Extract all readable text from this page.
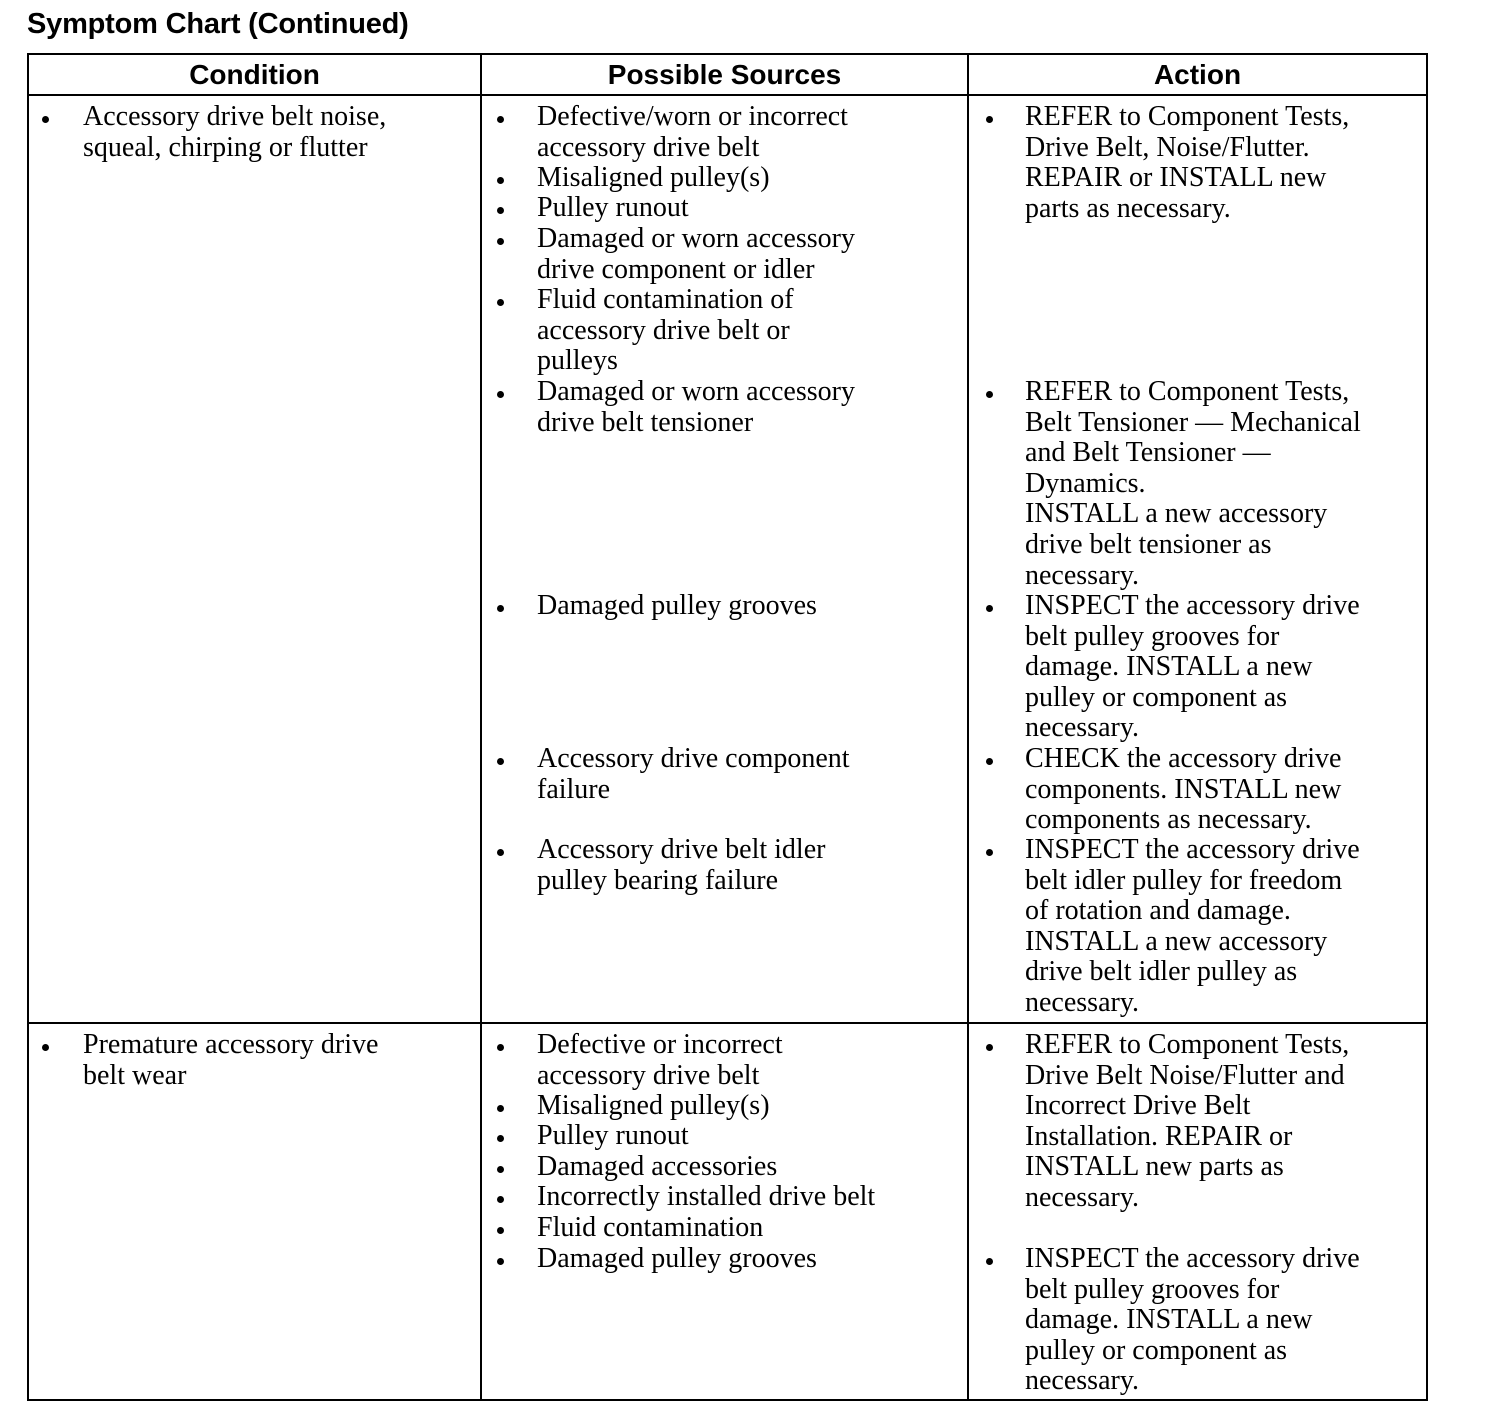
Symptom Chart (Continued)
Condition	Possible Sources	Action
Accessory drive belt noise,
squeal, chirping or flutter
Defective/worn or incorrect
accessory drive belt
Misaligned pulley(s)
Pulley runout
Damaged or worn accessory
drive component or idler
Fluid contamination of
accessory drive belt or
pulleys
Damaged or worn accessory
drive belt tensioner
Damaged pulley grooves
Accessory drive component
failure
Accessory drive belt idler
pulley bearing failure
REFER to Component Tests,
Drive Belt, Noise/Flutter.
REPAIR or INSTALL new
parts as necessary.
REFER to Component Tests,
Belt Tensioner — Mechanical
and Belt Tensioner —
Dynamics.
INSTALL a new accessory
drive belt tensioner as
necessary.
INSPECT the accessory drive
belt pulley grooves for
damage. INSTALL a new
pulley or component as
necessary.
CHECK the accessory drive
components. INSTALL new
components as necessary.
INSPECT the accessory drive
belt idler pulley for freedom
of rotation and damage.
INSTALL a new accessory
drive belt idler pulley as
necessary.
Premature accessory drive
belt wear
Defective or incorrect
accessory drive belt
Misaligned pulley(s)
Pulley runout
Damaged accessories
Incorrectly installed drive belt
Fluid contamination
Damaged pulley grooves
REFER to Component Tests,
Drive Belt Noise/Flutter and
Incorrect Drive Belt
Installation. REPAIR or
INSTALL new parts as
necessary.
INSPECT the accessory drive
belt pulley grooves for
damage. INSTALL a new
pulley or component as
necessary.
